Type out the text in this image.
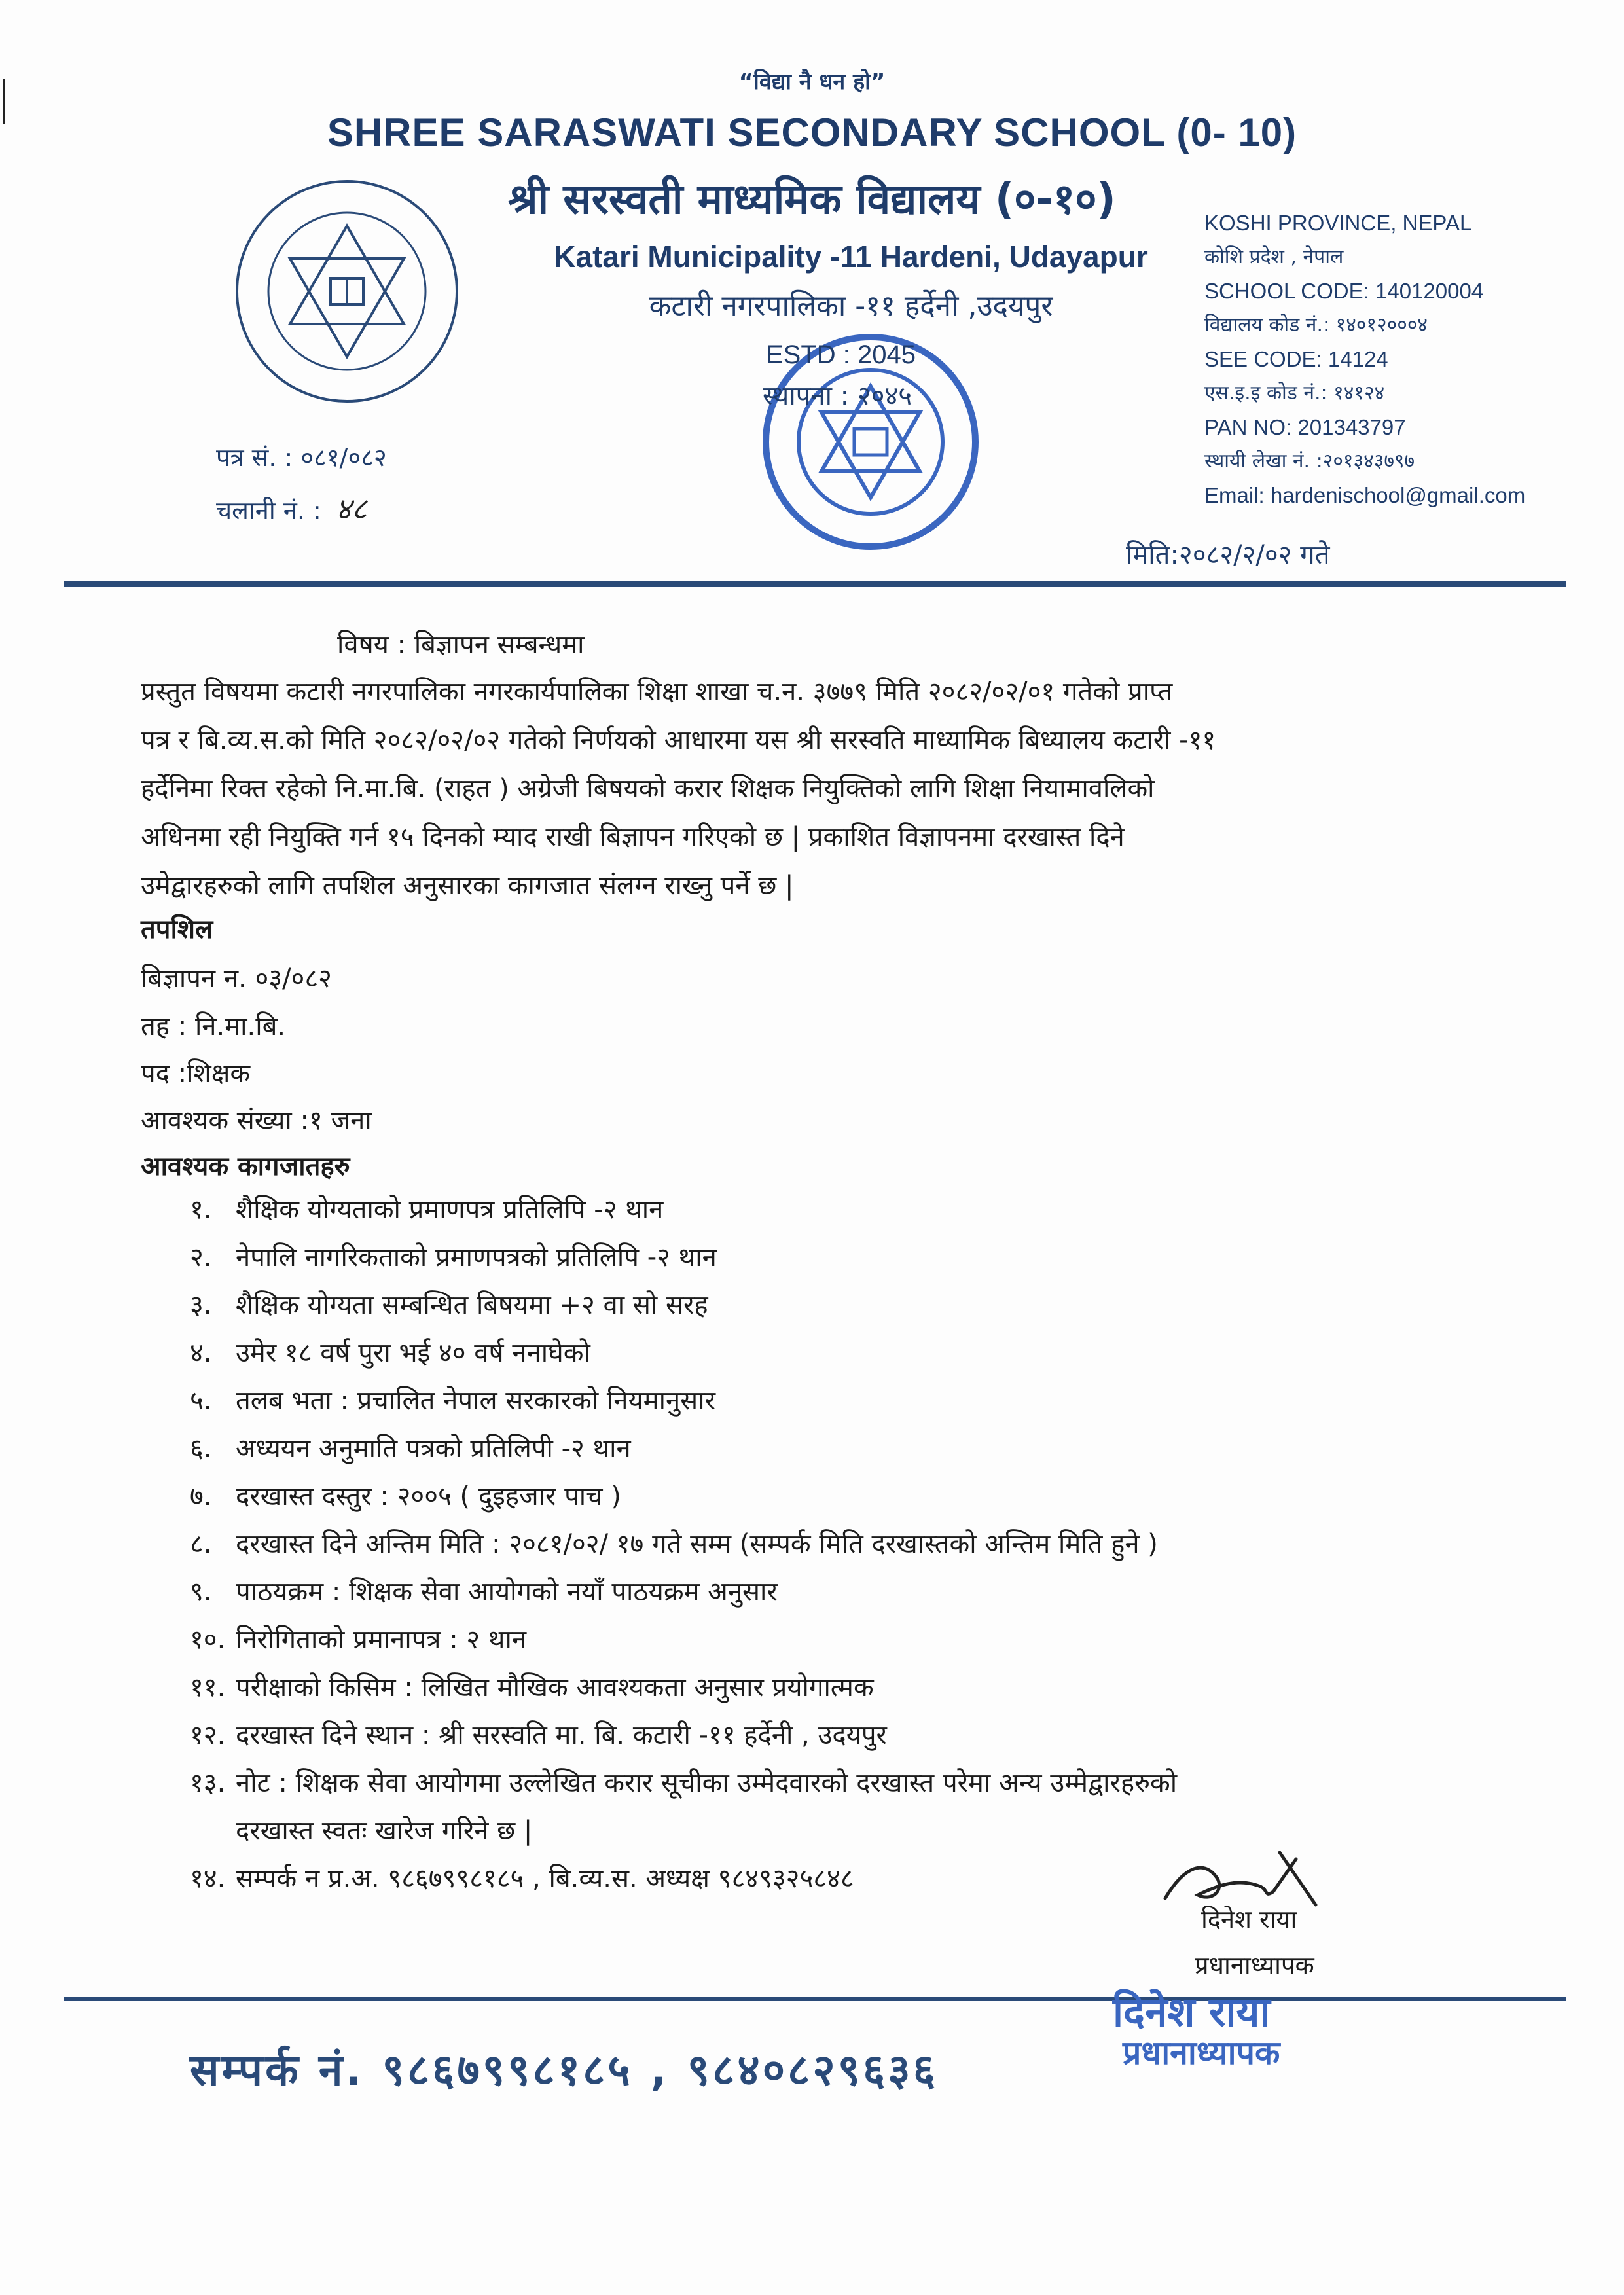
“विद्या नै धन हो”
SHREE SARASWATI SECONDARY SCHOOL (0- 10)
श्री सरस्वती माध्यमिक विद्यालय (०-१०)
Katari Municipality -11 Hardeni, Udayapur
कटारी नगरपालिका -११ हर्देनी ,उदयपुर
ESTD : 2045
स्थापना : २०४५
KOSHI PROVINCE, NEPAL
कोशि प्रदेश , नेपाल
SCHOOL CODE: 140120004
विद्यालय कोड नं.: १४०१२०००४
SEE CODE: 14124
एस.इ.इ कोड नं.: १४१२४
PAN NO: 201343797
स्थायी लेखा नं. :२०१३४३७९७
Email: hardenischool@gmail.com
पत्र सं. : ०८१/०८२
चलानी नं. : ४८
मिति:२०८२/२/०२ गते
विषय : बिज्ञापन सम्बन्धमा
प्रस्तुत विषयमा कटारी नगरपालिका नगरकार्यपालिका शिक्षा शाखा च.न. ३७७९ मिति २०८२/०२/०१ गतेको प्राप्त
पत्र र बि.व्य.स.को मिति २०८२/०२/०२ गतेको निर्णयको आधारमा यस श्री सरस्वति माध्यामिक बिध्यालय कटारी -११
हर्देनिमा रिक्त रहेको नि.मा.बि. (राहत ) अग्रेजी बिषयको करार शिक्षक नियुक्तिको लागि शिक्षा नियामावलिको
अधिनमा रही नियुक्ति गर्न १५ दिनको म्याद राखी बिज्ञापन गरिएको छ | प्रकाशित विज्ञापनमा दरखास्त दिने
उमेद्वारहरुको लागि तपशिल अनुसारका कागजात संलग्न राख्नु पर्ने छ |
तपशिल
बिज्ञापन न. ०३/०८२
तह : नि.मा.बि.
पद :शिक्षक
आवश्यक संख्या :१ जना
आवश्यक कागजातहरु
१. शैक्षिक योग्यताको प्रमाणपत्र प्रतिलिपि -२ थान
२. नेपालि नागरिकताको प्रमाणपत्रको प्रतिलिपि -२ थान
३. शैक्षिक योग्यता सम्बन्धित बिषयमा +२ वा सो सरह
४. उमेर १८ वर्ष पुरा भई ४० वर्ष ननाघेको
५. तलब भता : प्रचालित नेपाल सरकारको नियमानुसार
६. अध्ययन अनुमाति पत्रको प्रतिलिपी -२ थान
७. दरखास्त दस्तुर : २००५ ( दुइहजार पाच )
८. दरखास्त दिने अन्तिम मिति : २०८१/०२/ १७ गते सम्म (सम्पर्क मिति दरखास्तको अन्तिम मिति हुने )
९. पाठयक्रम : शिक्षक सेवा आयोगको नयाँ पाठयक्रम अनुसार
१०. निरोगिताको प्रमानापत्र : २ थान
११. परीक्षाको किसिम : लिखित मौखिक आवश्यकता अनुसार प्रयोगात्मक
१२. दरखास्त दिने स्थान : श्री सरस्वति मा. बि. कटारी -११ हर्देनी , उदयपुर
१३. नोट : शिक्षक सेवा आयोगमा उल्लेखित करार सूचीका उम्मेदवारको दरखास्त परेमा अन्य उम्मेद्वारहरुको
दरखास्त स्वतः खारेज गरिने छ |
१४. सम्पर्क न प्र.अ. ९८६७९९८१८५ , बि.व्य.स. अध्यक्ष ९८४९३२५८४८
दिनेश राया
प्रधानाध्यापक
दिनेश राया
प्रधानाध्यापक
सम्पर्क नं. ९८६७९९८१८५ , ९८४०८२९६३६
